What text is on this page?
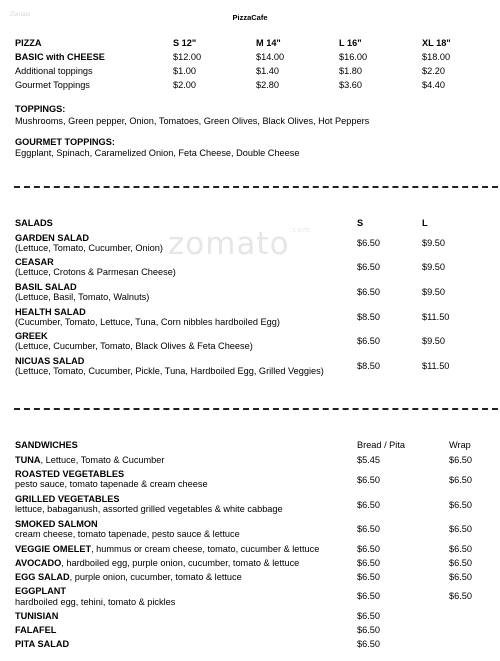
Zomato
zomato$^{.com}$
PizzaCafe
PIZZA	S 12"	M 14"	L 16"	XL 18"
BASIC with CHEESE	$12.00	$14.00	$16.00	$18.00
Additional toppings	$1.00	$1.40	$1.80	$2.20
Gourmet Toppings	$2.00	$2.80	$3.60	$4.40
TOPPINGS:
Mushrooms, Green pepper, Onion, Tomatoes, Green Olives, Black Olives, Hot Peppers
GOURMET TOPPINGS:
Eggplant, Spinach, Caramelized Onion, Feta Cheese, Double Cheese
SALADS	S	L
GARDEN SALAD
(Lettuce, Tomato, Cucumber, Onion)	$6.50	$9.50
CEASAR
(Lettuce, Crotons & Parmesan Cheese)	$6.50	$9.50
BASIL SALAD
(Lettuce, Basil, Tomato, Walnuts)	$6.50	$9.50
HEALTH SALAD
(Cucumber, Tomato, Lettuce, Tuna, Corn nibbles hardboiled Egg)	$8.50	$11.50
GREEK
(Lettuce, Cucumber, Tomato, Black Olives & Feta Cheese)	$6.50	$9.50
NICUAS SALAD
(Lettuce, Tomato, Cucumber, Pickle, Tuna, Hardboiled Egg, Grilled Veggies)	$8.50	$11.50
SANDWICHES	Bread / Pita	Wrap
TUNA, Lettuce, Tomato & Cucumber	$5.45	$6.50
ROASTED VEGETABLES
pesto sauce, tomato tapenade & cream cheese	$6.50	$6.50
GRILLED VEGETABLES
lettuce, babaganush, assorted grilled vegetables & white cabbage	$6.50	$6.50
SMOKED SALMON
cream cheese, tomato tapenade, pesto sauce & lettuce	$6.50	$6.50
VEGGIE OMELET, hummus or cream cheese, tomato, cucumber & lettuce	$6.50	$6.50
AVOCADO, hardboiled egg, purple onion, cucumber, tomato & lettuce	$6.50	$6.50
EGG SALAD, purple onion, cucumber, tomato & lettuce	$6.50	$6.50
EGGPLANT
hardboiled egg, tehini, tomato & pickles
$6.50	$6.50
TUNISIAN	$6.50
FALAFEL	$6.50
PITA SALAD	$6.50
